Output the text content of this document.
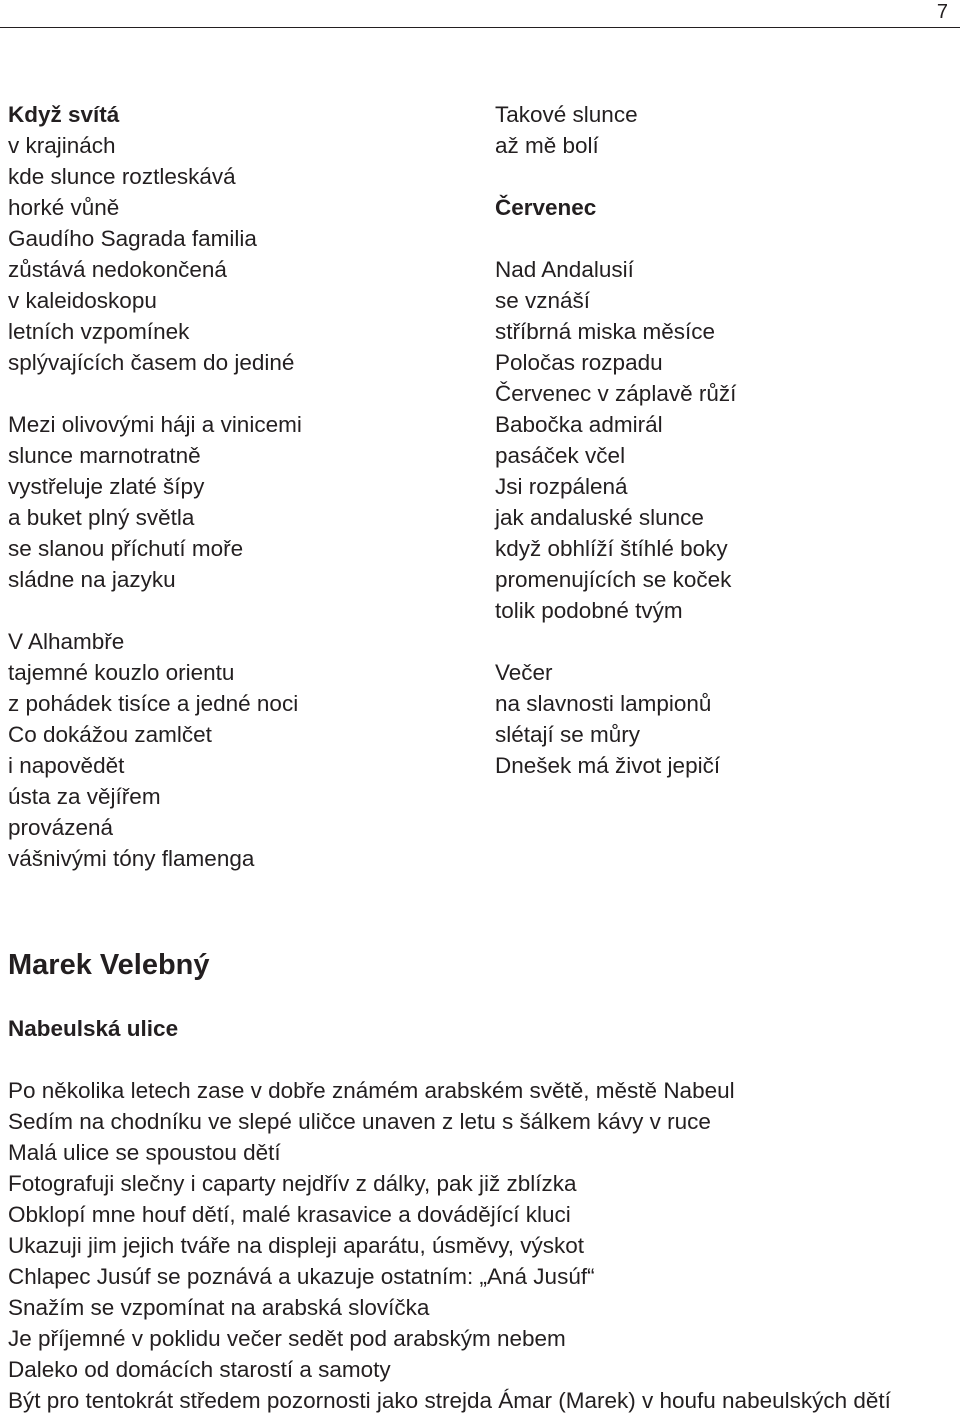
7
Když svítá
v krajinách
kde slunce roztleskává
horké vůně
Gaudího Sagrada familia
zůstává nedokončená
v kaleidoskopu
letních vzpomínek
splývajících časem do jediné
Mezi olivovými háji a vinicemi
slunce marnotratně
vystřeluje zlaté šípy
a buket plný světla
se slanou příchutí moře
sládne na jazyku
V Alhambře
tajemné kouzlo orientu
z pohádek tisíce a jedné noci
Co dokážou zamlčet
i napovědět
ústa za vějířem
provázená
vášnivými tóny flamenga
Takové slunce
až mě bolí
Červenec
Nad Andalusií
se vznáší
stříbrná miska měsíce
Poločas rozpadu
Červenec v záplavě růží
Babočka admirál
pasáček včel
Jsi rozpálená
jak andaluské slunce
když obhlíží štíhlé boky
promenujících se koček
tolik podobné tvým
Večer
na slavnosti lampionů
slétají se můry
Dnešek má život jepičí
Marek Velebný
Nabeulská ulice
Po několika letech zase v dobře známém arabském světě, městě Nabeul
Sedím na chodníku ve slepé uličce unaven z letu s šálkem kávy v ruce
Malá ulice se spoustou dětí
Fotografuji slečny i caparty nejdřív z dálky, pak již zblízka
Obklopí mne houf dětí, malé krasavice a dovádějící kluci
Ukazuji jim jejich tváře na displeji aparátu, úsměvy, výskot
Chlapec Jusúf se poznává a ukazuje ostatním: „Aná Jusúf“
Snažím se vzpomínat na arabská slovíčka
Je příjemné v poklidu večer sedět pod arabským nebem
Daleko od domácích starostí a samoty
Být pro tentokrát středem pozornosti jako strejda Ámar (Marek) v houfu nabeulských dětí
